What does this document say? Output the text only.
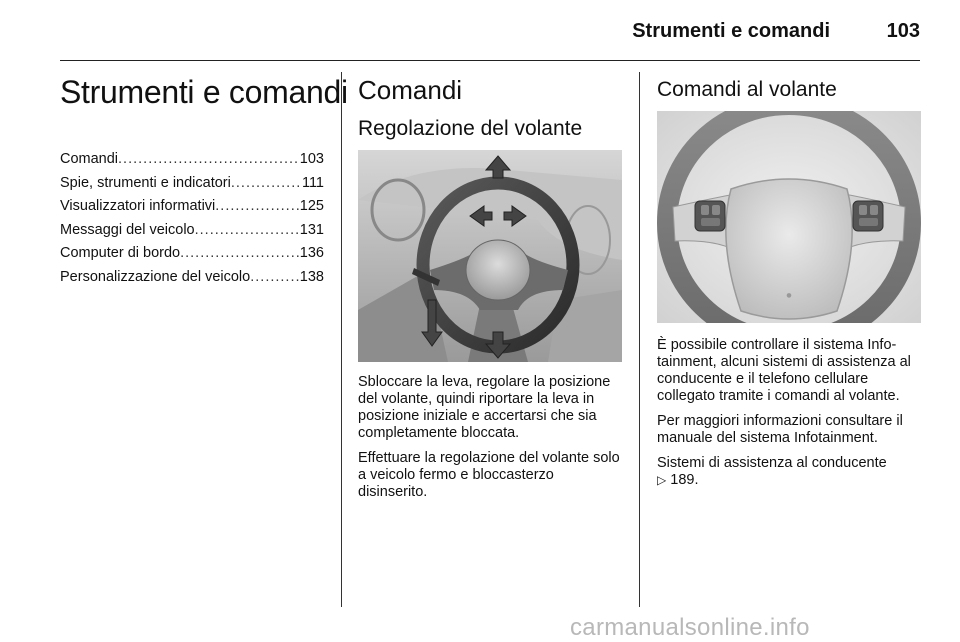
Strumenti e comandi	103
Strumenti e comandi
Comandi .....	103
Spie, strumenti e indicatori .....	111
Visualizzatori informativi .....	125
Messaggi del veicolo .....	131
Computer di bordo .....	136
Personalizzazione del veicolo .....	138
Comandi
Regolazione del volante

Sbloccare la leva, regolare la posizione del volante, quindi riportare la leva in posizione iniziale e accertarsi che sia completamente bloccata.

Effettuare la regolazione del volante solo a veicolo fermo e bloccasterzo disinserito.

Comandi al volante
●

È possibile controllare il sistema Infotainment, alcuni sistemi di assistenza al conducente e il telefono cellulare collegato tramite i comandi al volante.

Per maggiori informazioni consultare il manuale del sistema Infotainment.

Sistemi di assistenza al conducente
▷ 189.

carmanualsonline.info
